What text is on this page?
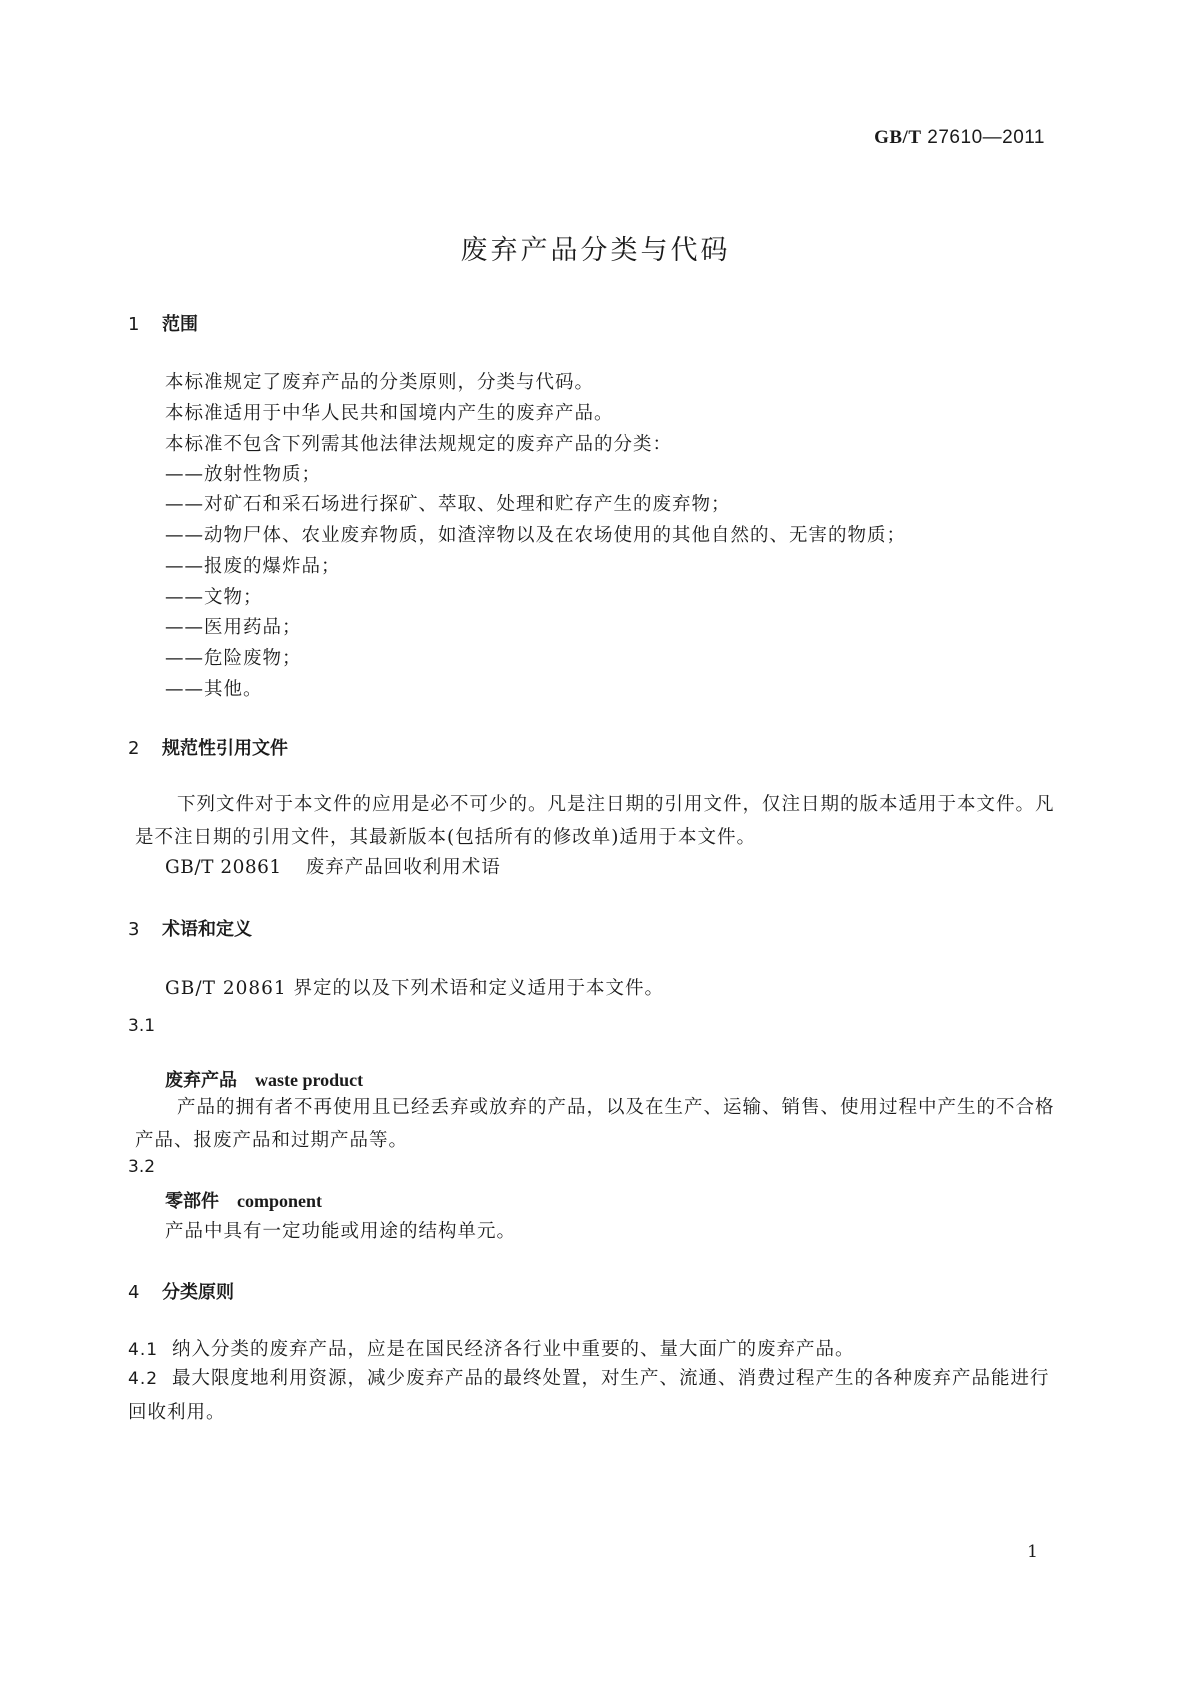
GB/T 27610—2011
废弃产品分类与代码
1 范围
本标准规定了废弃产品的分类原则，分类与代码。
本标准适用于中华人民共和国境内产生的废弃产品。
本标准不包含下列需其他法律法规规定的废弃产品的分类：
——放射性物质；
——对矿石和采石场进行探矿、萃取、处理和贮存产生的废弃物；
——动物尸体、农业废弃物质，如渣滓物以及在农场使用的其他自然的、无害的物质；
——报废的爆炸品；
——文物；
——医用药品；
——危险废物；
——其他。
2 规范性引用文件
下列文件对于本文件的应用是必不可少的。凡是注日期的引用文件，仅注日期的版本适用于本文件。凡是不注日期的引用文件，其最新版本(包括所有的修改单)适用于本文件。
GB/T 20861 废弃产品回收利用术语
3 术语和定义
GB/T 20861 界定的以及下列术语和定义适用于本文件。
3.1
废弃产品 waste product
产品的拥有者不再使用且已经丢弃或放弃的产品，以及在生产、运输、销售、使用过程中产生的不合格产品、报废产品和过期产品等。
3.2
零部件 component
产品中具有一定功能或用途的结构单元。
4 分类原则
4.1 纳入分类的废弃产品，应是在国民经济各行业中重要的、量大面广的废弃产品。
4.2 最大限度地利用资源，减少废弃产品的最终处置，对生产、流通、消费过程产生的各种废弃产品能进行回收利用。
1
